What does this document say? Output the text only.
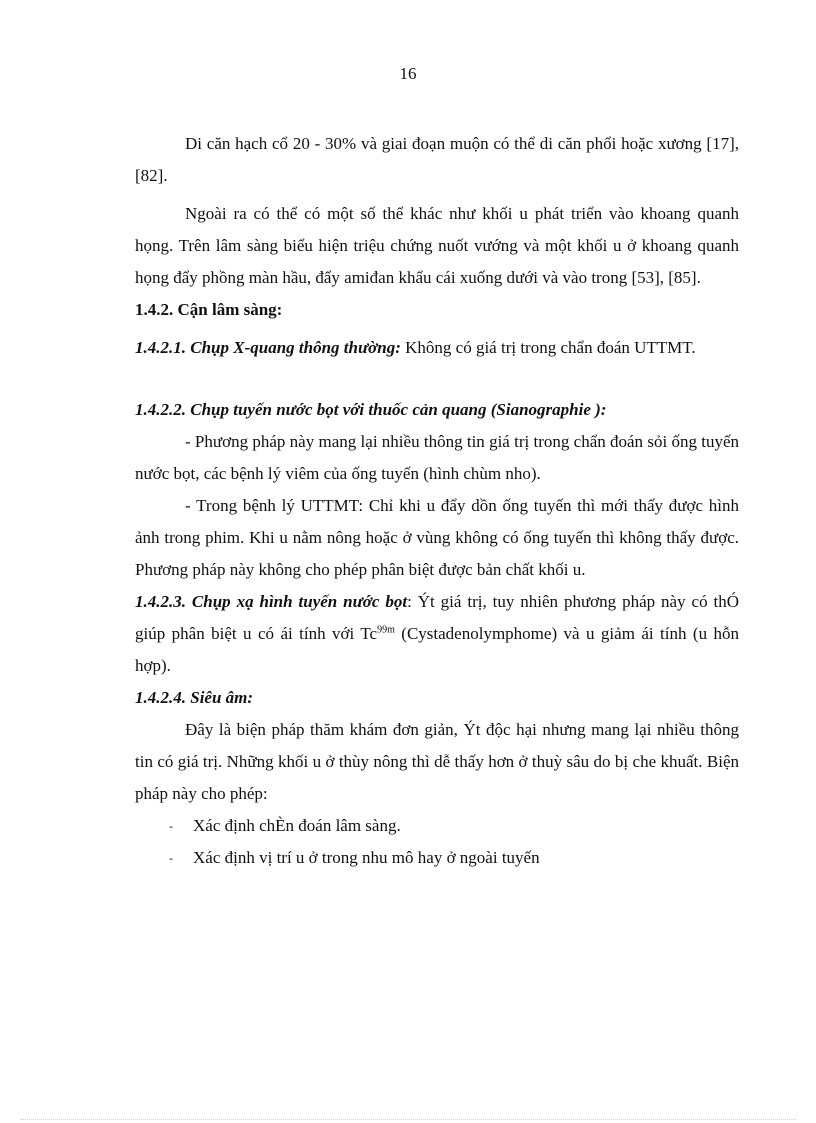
16

Di căn hạch cổ 20 - 30% và giai đoạn muộn có thể di căn phổi hoặc xương [17], [82].

Ngoài ra có thể có một số thể khác như khối u phát triển vào khoang quanh họng. Trên lâm sàng biểu hiện triệu chứng nuốt vướng và một khối u ở khoang quanh họng đẩy phồng màn hầu, đẩy amiđan khẩu cái xuống dưới và vào trong [53], [85].

1.4.2. Cận lâm sàng:

1.4.2.1. Chụp X-quang thông thường: Không có giá trị trong chẩn đoán UTTMT.

1.4.2.2. Chụp tuyến nước bọt với thuốc cản quang (Sianographie ):

- Phương pháp này mang lại nhiều thông tin giá trị trong chẩn đoán sỏi ống tuyến nước bọt, các bệnh lý viêm của ống tuyến (hình chùm nho).

- Trong bệnh lý UTTMT: Chỉ khi u đẩy dồn ống tuyến thì mới thấy được hình ảnh trong phim. Khi u nằm nông hoặc ở vùng không có ống tuyến thì không thấy được. Phương pháp này không cho phép phân biệt được bản chất khối u.

1.4.2.3. Chụp xạ hình tuyến nước bọt: Ýt giá trị, tuy nhiên phương pháp này có thÓ giúp phân biệt u có ái tính với $Tc^{99m}$ (Cystadenolymphome) và u giảm ái tính (u hỗn hợp).

1.4.2.4. Siêu âm:

Đây là biện pháp thăm khám đơn giản, Ýt độc hại nhưng mang lại nhiều thông tin có giá trị. Những khối u ở thùy nông thì dễ thấy hơn ở thuỳ sâu do bị che khuất. Biện pháp này cho phép:

-	Xác định chÈn đoán lâm sàng.
-	Xác định vị trí u ở trong nhu mô hay ở ngoài tuyến
